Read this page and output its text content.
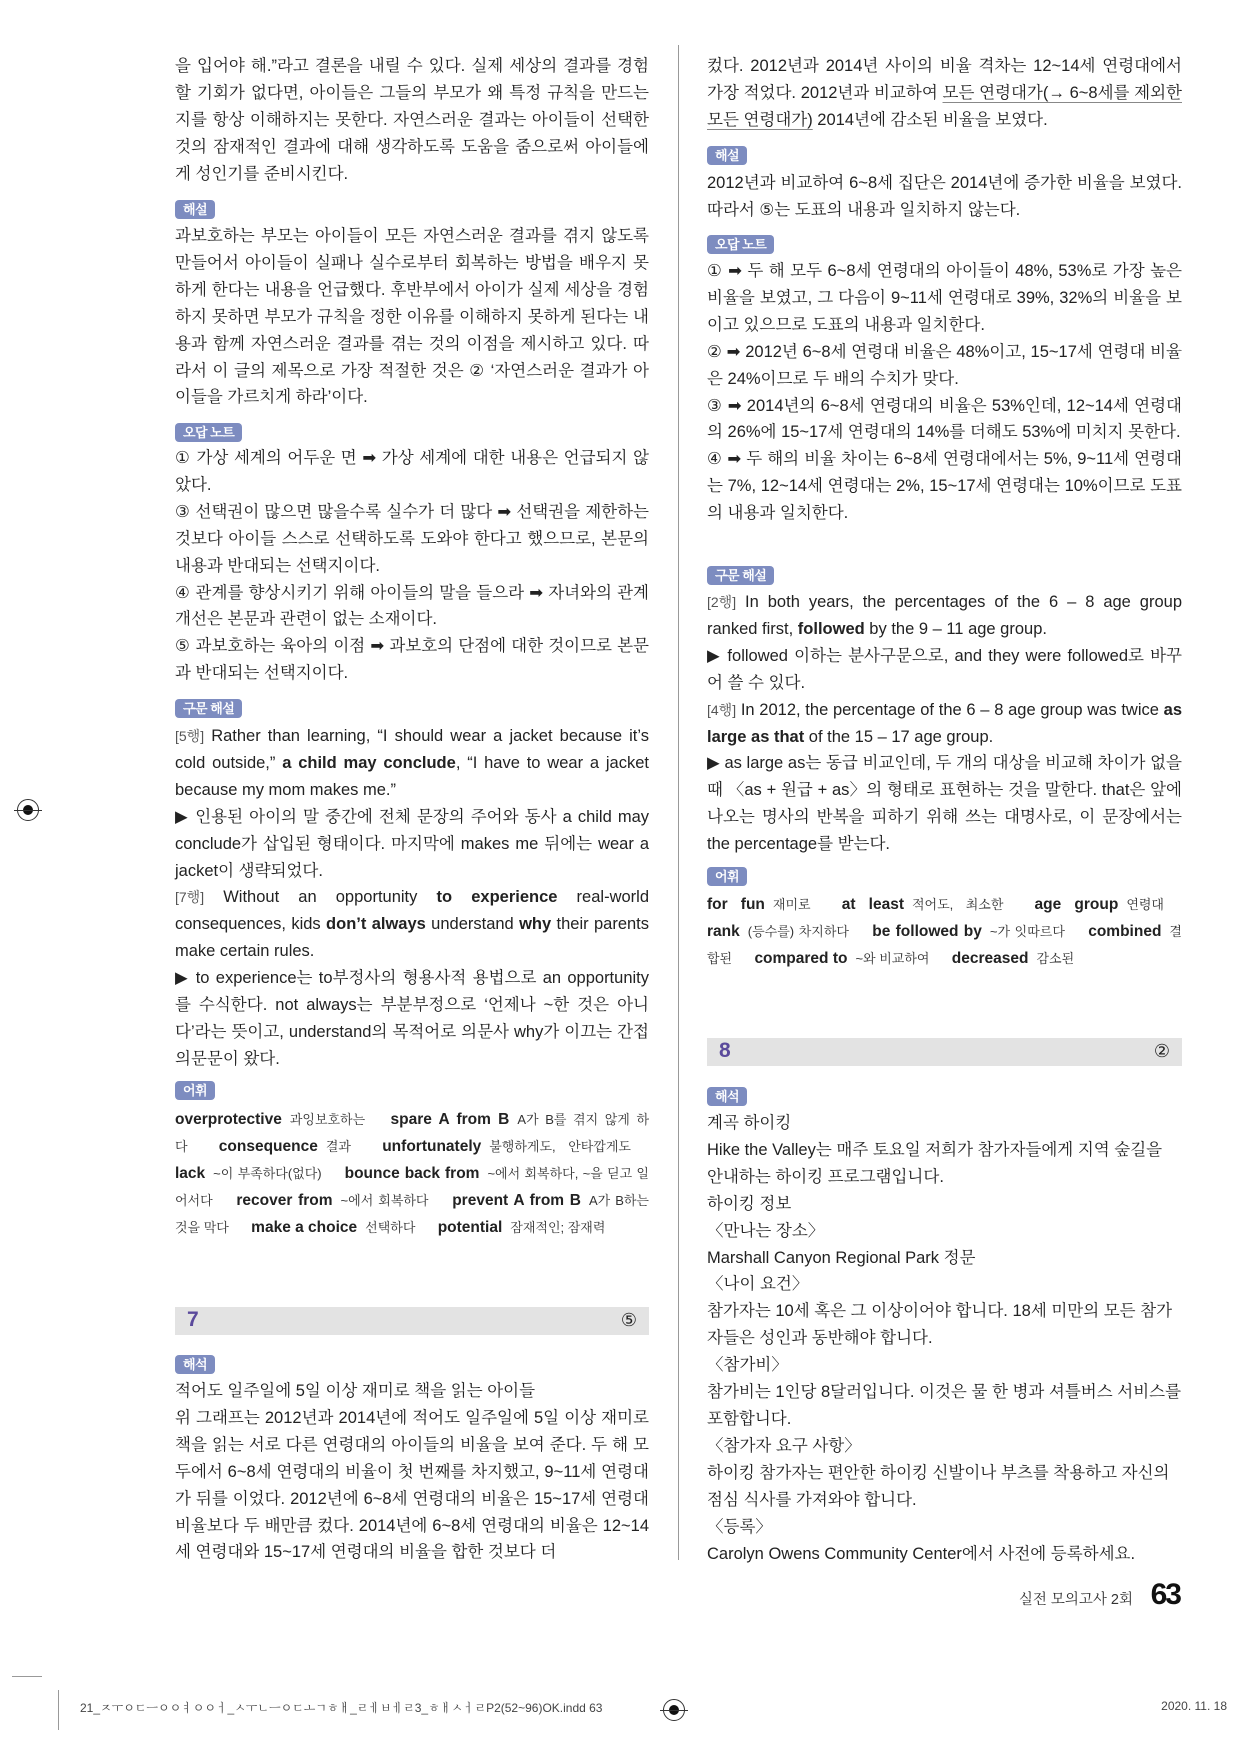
을 입어야 해.”라고 결론을 내릴 수 있다. 실제 세상의 결과를 경험할 기회가 없다면, 아이들은 그들의 부모가 왜 특정 규칙을 만드는지를 항상 이해하지는 못한다. 자연스러운 결과는 아이들이 선택한 것의 잠재적인 결과에 대해 생각하도록 도움을 줌으로써 아이들에게 성인기를 준비시킨다.
해설
과보호하는 부모는 아이들이 모든 자연스러운 결과를 겪지 않도록 만들어서 아이들이 실패나 실수로부터 회복하는 방법을 배우지 못하게 한다는 내용을 언급했다. 후반부에서 아이가 실제 세상을 경험하지 못하면 부모가 규칙을 정한 이유를 이해하지 못하게 된다는 내용과 함께 자연스러운 결과를 겪는 것의 이점을 제시하고 있다. 따라서 이 글의 제목으로 가장 적절한 것은 ② ‘자연스러운 결과가 아이들을 가르치게 하라’이다.
오답 노트
① 가상 세계의 어두운 면 ➡ 가상 세계에 대한 내용은 언급되지 않았다.
③ 선택권이 많으면 많을수록 실수가 더 많다 ➡ 선택권을 제한하는 것보다 아이들 스스로 선택하도록 도와야 한다고 했으므로, 본문의 내용과 반대되는 선택지이다.
④ 관계를 향상시키기 위해 아이들의 말을 들으라 ➡ 자녀와의 관계 개선은 본문과 관련이 없는 소재이다.
⑤ 과보호하는 육아의 이점 ➡ 과보호의 단점에 대한 것이므로 본문과 반대되는 선택지이다.
구문 해설
[5행] Rather than learning, “I should wear a jacket because it’s cold outside,” a child may conclude, “I have to wear a jacket because my mom makes me.”
▶ 인용된 아이의 말 중간에 전체 문장의 주어와 동사 a child may conclude가 삽입된 형태이다. 마지막에 makes me 뒤에는 wear a jacket이 생략되었다.
[7행] Without an opportunity to experience real-world consequences, kids don’t always understand why their parents make certain rules.
▶ to experience는 to부정사의 형용사적 용법으로 an opportunity를 수식한다. not always는 부분부정으로 ‘언제나 ~한 것은 아니다’라는 뜻이고, understand의 목적어로 의문사 why가 이끄는 간접의문문이 왔다.
어휘
overprotective 과잉보호하는 spare A from B A가 B를 겪지 않게 하다 consequence 결과 unfortunately 불행하게도, 안타깝게도 lack ~이 부족하다(없다) bounce back from ~에서 회복하다, ~을 딛고 일어서다 recover from ~에서 회복하다 prevent A from B A가 B하는 것을 막다 make a choice 선택하다 potential 잠재적인; 잠재력
7	⑤
해석
적어도 일주일에 5일 이상 재미로 책을 읽는 아이들
위 그래프는 2012년과 2014년에 적어도 일주일에 5일 이상 재미로 책을 읽는 서로 다른 연령대의 아이들의 비율을 보여 준다. 두 해 모두에서 6~8세 연령대의 비율이 첫 번째를 차지했고, 9~11세 연령대가 뒤를 이었다. 2012년에 6~8세 연령대의 비율은 15~17세 연령대 비율보다 두 배만큼 컸다. 2014년에 6~8세 연령대의 비율은 12~14세 연령대와 15~17세 연령대의 비율을 합한 것보다 더
컸다. 2012년과 2014년 사이의 비율 격차는 12~14세 연령대에서 가장 적었다. 2012년과 비교하여 모든 연령대가(→ 6~8세를 제외한 모든 연령대가) 2014년에 감소된 비율을 보였다.
해설
2012년과 비교하여 6~8세 집단은 2014년에 증가한 비율을 보였다. 따라서 ⑤는 도표의 내용과 일치하지 않는다.
오답 노트
① ➡ 두 해 모두 6~8세 연령대의 아이들이 48%, 53%로 가장 높은 비율을 보였고, 그 다음이 9~11세 연령대로 39%, 32%의 비율을 보이고 있으므로 도표의 내용과 일치한다.
② ➡ 2012년 6~8세 연령대 비율은 48%이고, 15~17세 연령대 비율은 24%이므로 두 배의 수치가 맞다.
③ ➡ 2014년의 6~8세 연령대의 비율은 53%인데, 12~14세 연령대의 26%에 15~17세 연령대의 14%를 더해도 53%에 미치지 못한다.
④ ➡ 두 해의 비율 차이는 6~8세 연령대에서는 5%, 9~11세 연령대는 7%, 12~14세 연령대는 2%, 15~17세 연령대는 10%이므로 도표의 내용과 일치한다.
구문 해설
[2행] In both years, the percentages of the 6 – 8 age group ranked first, followed by the 9 – 11 age group.
▶ followed 이하는 분사구문으로, and they were followed로 바꾸어 쓸 수 있다.
[4행] In 2012, the percentage of the 6 – 8 age group was twice as large as that of the 15 – 17 age group.
▶ as large as는 동급 비교인데, 두 개의 대상을 비교해 차이가 없을 때 〈as + 원급 + as〉의 형태로 표현하는 것을 말한다. that은 앞에 나오는 명사의 반복을 피하기 위해 쓰는 대명사로, 이 문장에서는 the percentage를 받는다.
어휘
for fun 재미로 at least 적어도, 최소한 age group 연령대 rank (등수를) 차지하다 be followed by ~가 잇따르다 combined 결합된 compared to ~와 비교하여 decreased 감소된
8	②
해석
계곡 하이킹
Hike the Valley는 매주 토요일 저희가 참가자들에게 지역 숲길을 안내하는 하이킹 프로그램입니다.
하이킹 정보
〈만나는 장소〉
Marshall Canyon Regional Park 정문
〈나이 요건〉
참가자는 10세 혹은 그 이상이어야 합니다. 18세 미만의 모든 참가자들은 성인과 동반해야 합니다.
〈참가비〉
참가비는 1인당 8달러입니다. 이것은 물 한 병과 셔틀버스 서비스를 포함합니다.
〈참가자 요구 사항〉
하이킹 참가자는 편안한 하이킹 신발이나 부츠를 착용하고 자신의 점심 식사를 가져와야 합니다.
〈등록〉
Carolyn Owens Community Center에서 사전에 등록하세요.
실전 모의고사 2회 63
21_ㅈㅜㅇㄷㅡㅇㅇㅕㅇㅇㅓ_ㅅㅜㄴㅡㅇㄷㅗㄱㅎㅐ_ㄹㅔㅂㅔㄹ3_ㅎㅐㅅㅓㄹP2(52~96)OK.indd 63	2020. 11. 18
